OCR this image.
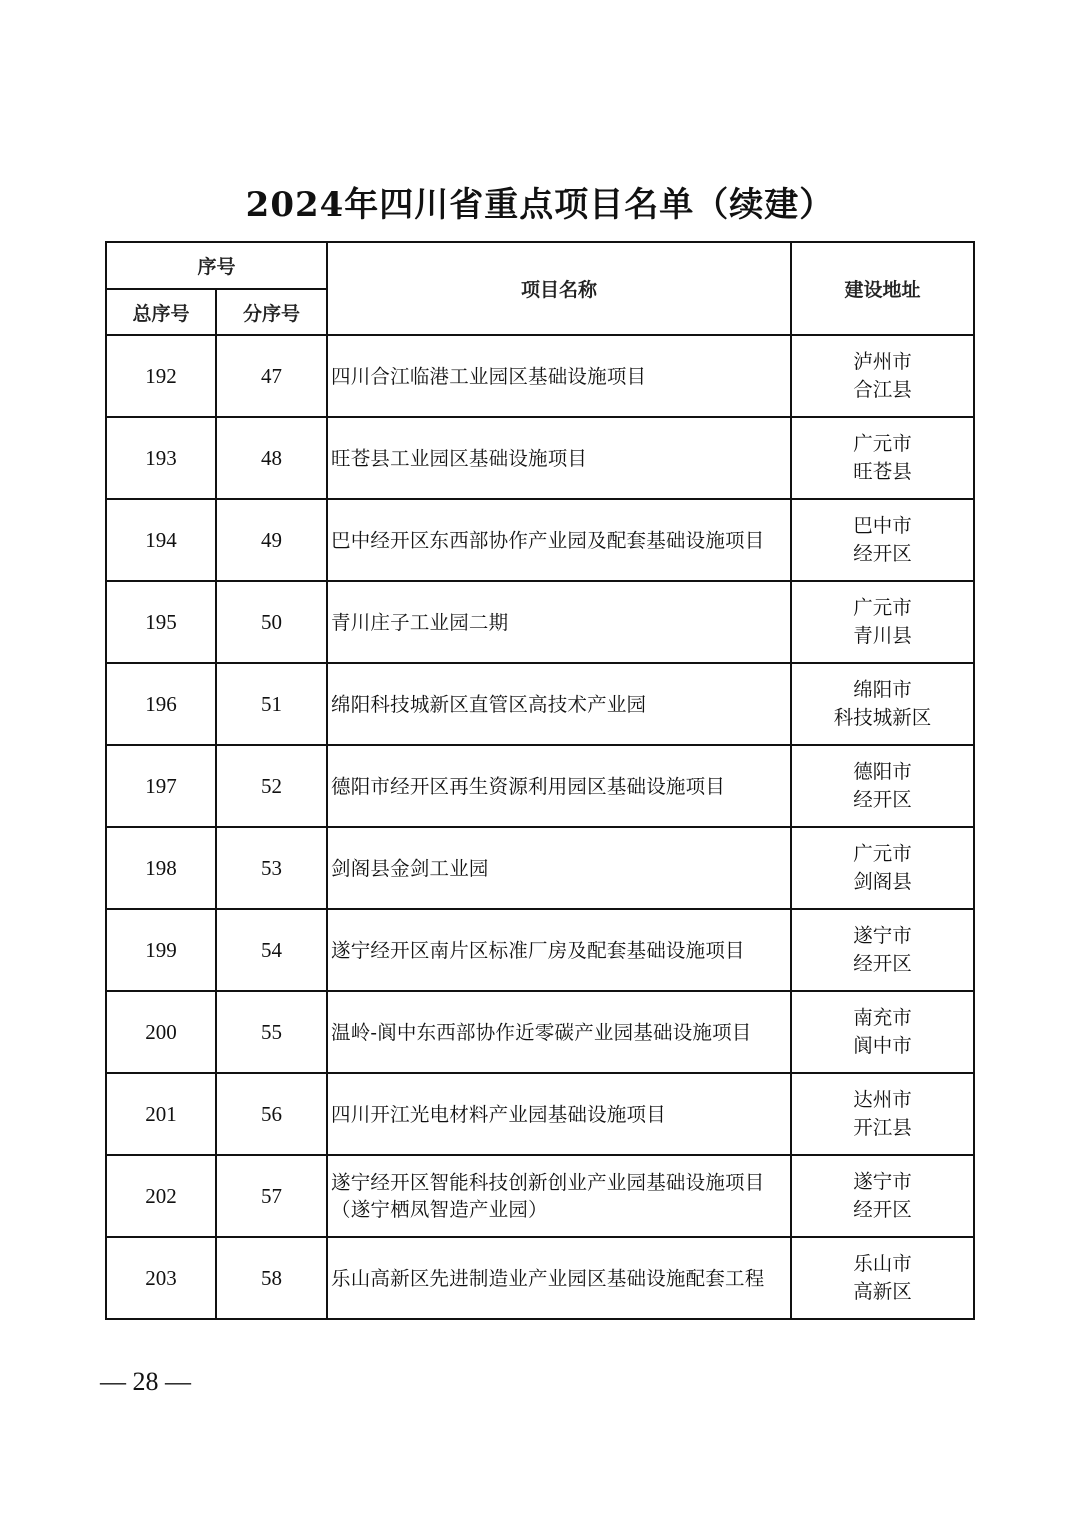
2024年四川省重点项目名单（续建）
序号		项目名称	建设地址
总序号	分序号		
192	47	四川合江临港工业园区基础设施项目	泸州市
合江县

193	48	旺苍县工业园区基础设施项目	广元市
旺苍县

194	49	巴中经开区东西部协作产业园及配套基础设施项目	巴中市
经开区

195	50	青川庄子工业园二期	广元市
青川县

196	51	绵阳科技城新区直管区高技术产业园	绵阳市
科技城新区

197	52	德阳市经开区再生资源利用园区基础设施项目	德阳市
经开区

198	53	剑阁县金剑工业园	广元市
剑阁县

199	54	遂宁经开区南片区标准厂房及配套基础设施项目	遂宁市
经开区

200	55	温岭-阆中东西部协作近零碳产业园基础设施项目	南充市
阆中市

201	56	四川开江光电材料产业园基础设施项目	达州市
开江县

202	57	遂宁经开区智能科技创新创业产业园基础设施项目（遂宁栖凤智造产业园）	遂宁市
经开区

203	58	乐山高新区先进制造业产业园区基础设施配套工程	乐山市
高新区
— 28 —
